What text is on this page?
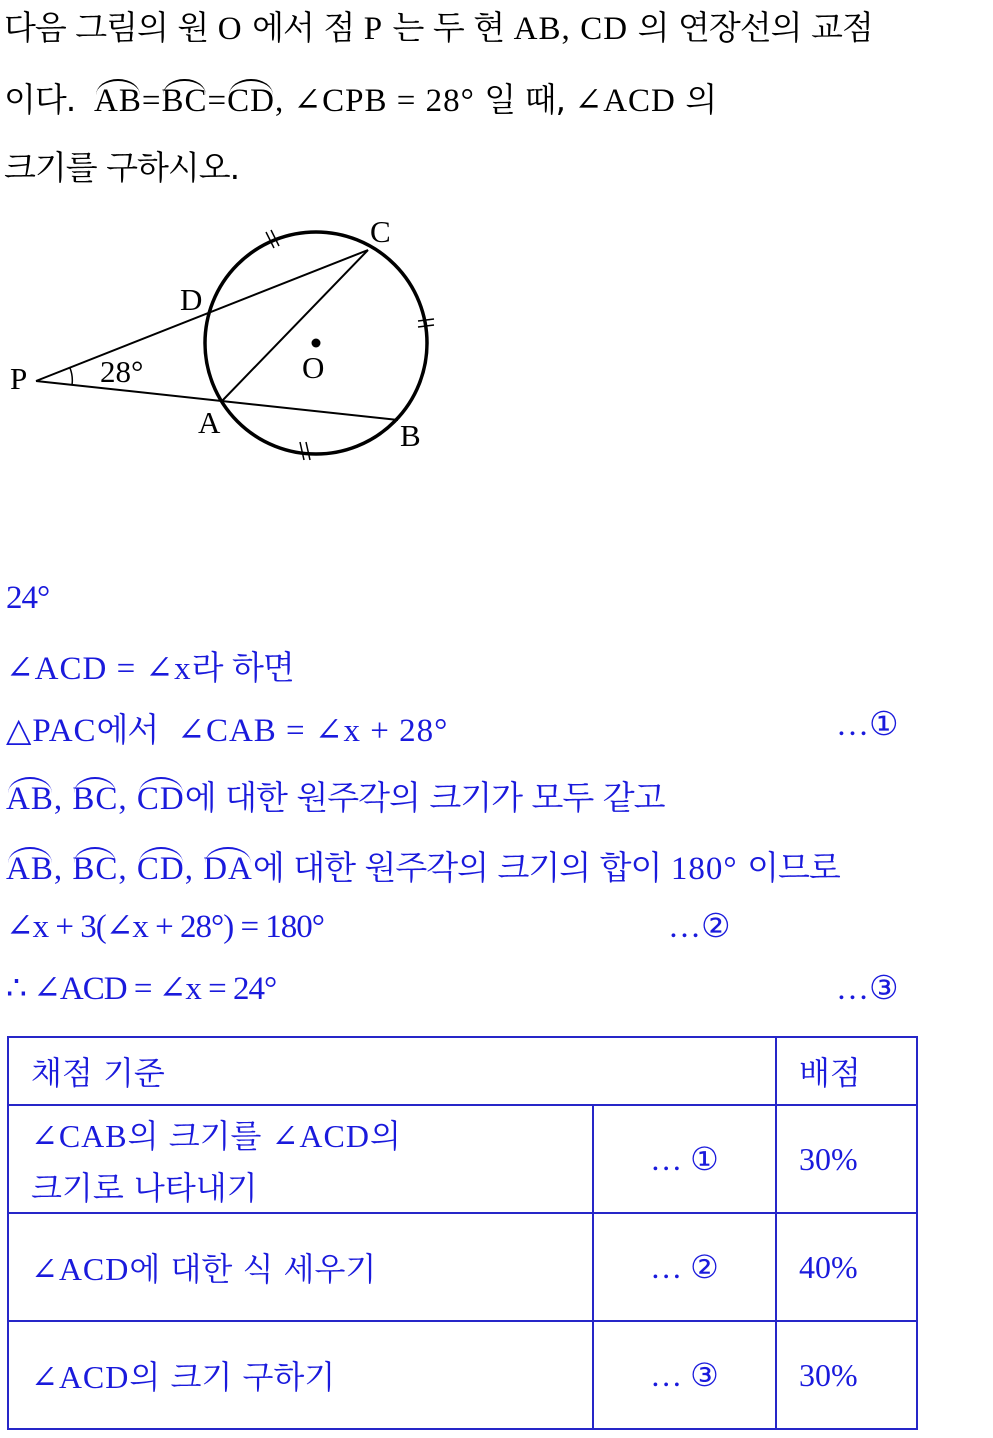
다음 그림의 원 O 에서 점 P 는 두 현 AB, CD 의 연장선의 교점
이다. AB=BC=CD, ∠CPB = 28° 일 때, ∠ACD 의
크기를 구하시오.
P
A	B
C
D
O
28°
24°
∠ACD = ∠x라 하면
△PAC에서 ∠CAB = ∠x + 28°	…①
AB, BC, CD에 대한 원주각의 크기가 모두 같고
AB, BC, CD, DA에 대한 원주각의 크기의 합이 180° 이므로
∠x + 3(∠x + 28°) = 180°	…②
∴ ∠ACD = ∠x = 24°	…③
채점 기준		배점

∠CAB의 크기를 ∠ACD의
크기로 나타내기	… ①	30%
∠ACD에 대한 식 세우기	… ②	40%
∠ACD의 크기 구하기	… ③	30%
